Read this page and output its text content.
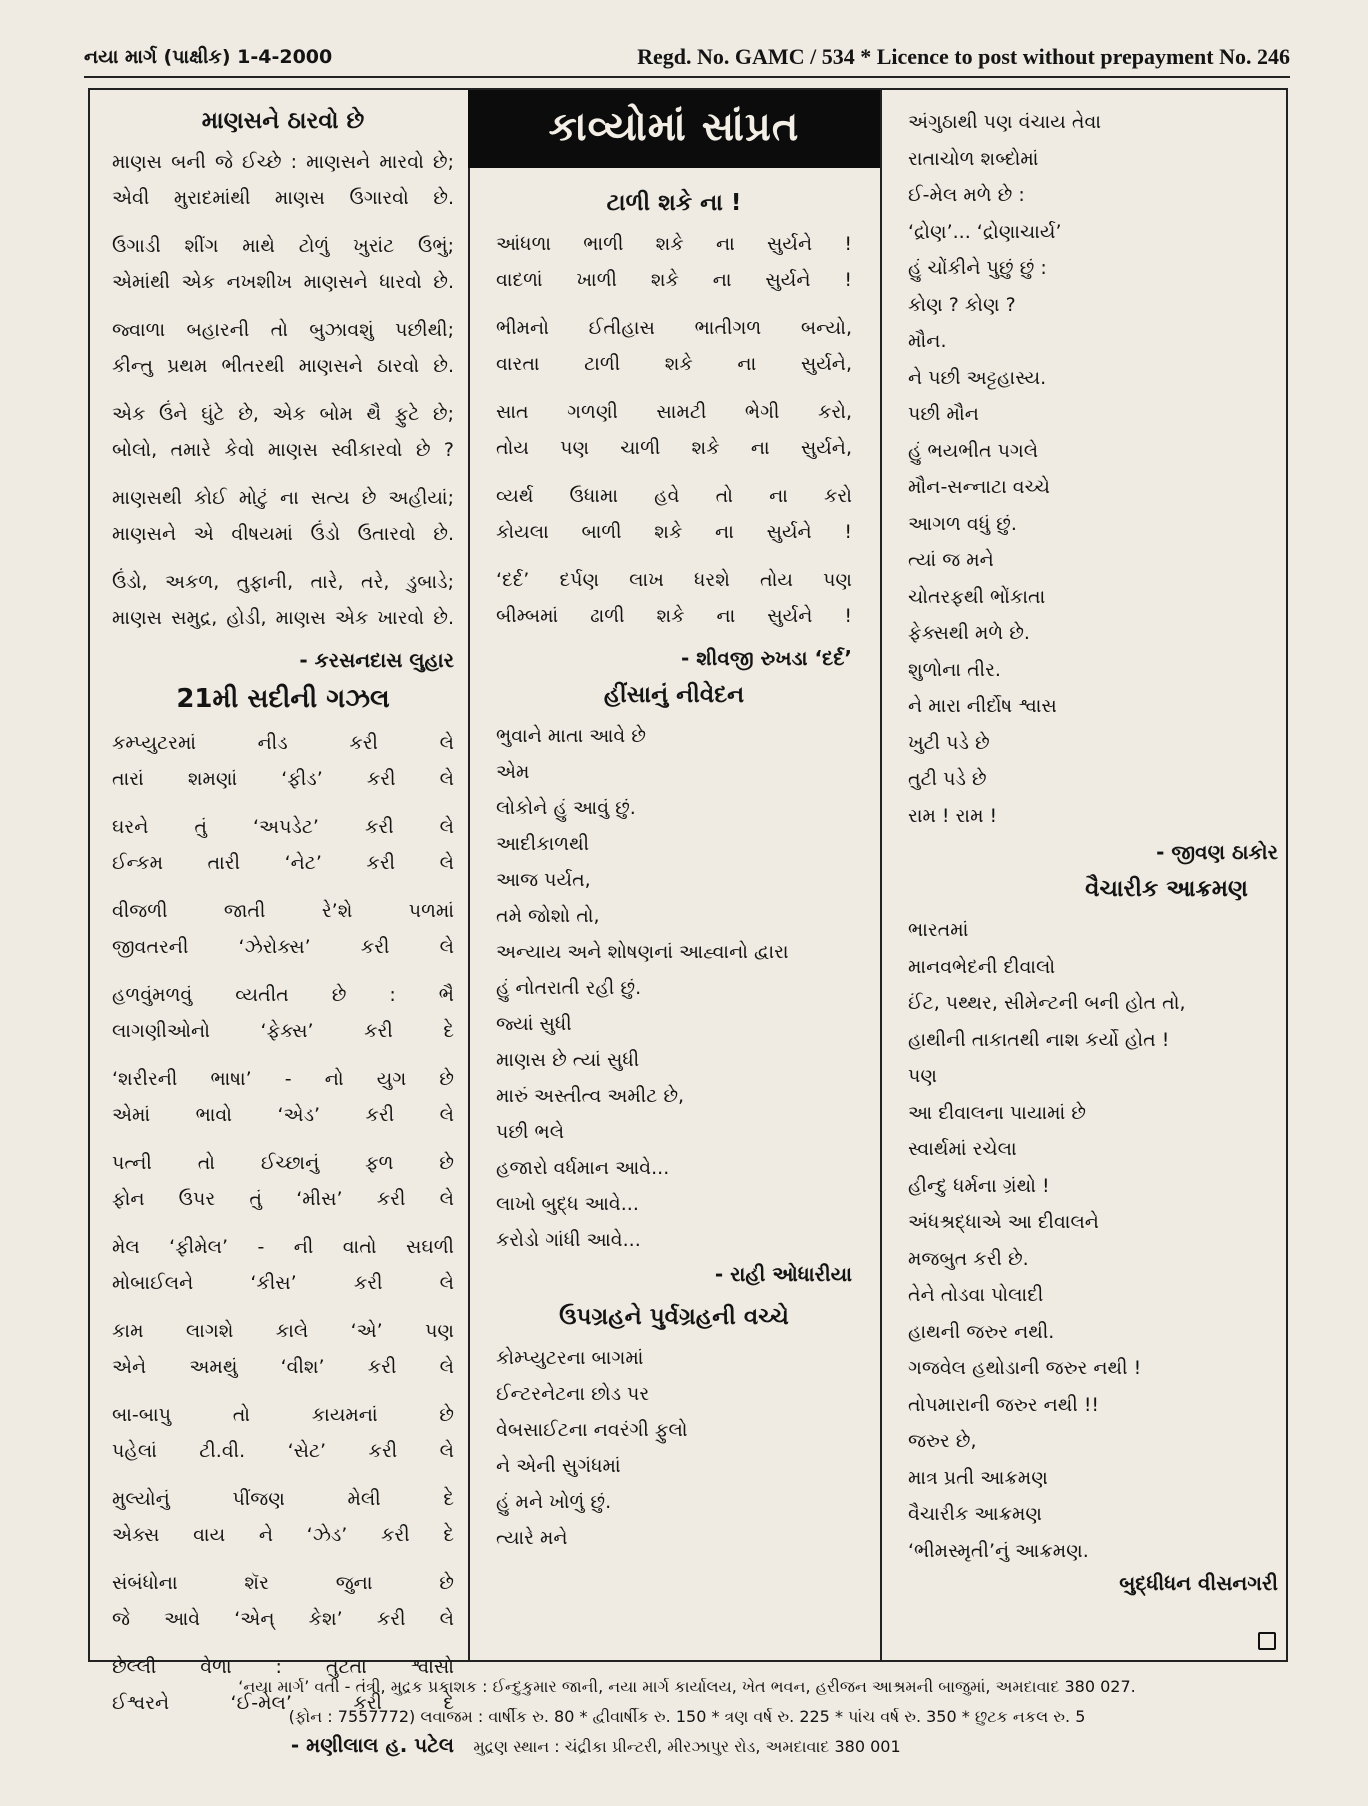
નયા માર્ગ (પાક્ષીક) 1-4-2000	Regd. No. GAMC / 534 * Licence to post without prepayment No. 246
માણસને ઠારવો છે
માણસ બની જે ઈચ્છે : માણસને મારવો છે;
એવી મુરાદમાંથી માણસ ઉગારવો છે.
ઉગાડી શીંગ માથે ટોળું ખુરાંટ ઉભું;
એમાંથી એક નખશીખ માણસને ધારવો છે.
જ્વાળા બહારની તો બુઝાવશું પછીથી;
કીન્તુ પ્રથમ ભીતરથી માણસને ઠારવો છે.
એક ઉંને ઘુંટે છે, એક બોમ થૈ ફુટે છે;
બોલો, તમારે કેવો માણસ સ્વીકારવો છે ?
માણસથી કોઈ મોટું ના સત્ય છે અહીયાં;
માણસને એ વીષયમાં ઉંડો ઉતારવો છે.
ઉંડો, અકળ, તુફાની, તારે, તરે, ડુબાડે;
માણસ સમુદ્ર, હોડી, માણસ એક ખારવો છે.
- કરસનદાસ લુહાર
21મી સદીની ગઝલ
કમ્પ્યુટરમાં નીડ કરી લે
તારાં શમણાં ‘ફીડ’ કરી લે
ઘરને તું ‘અપડેટ’ કરી લે
ઈન્કમ તારી ‘નેટ’ કરી લે
વીજળી જાતી રે’શે પળમાં
જીવતરની ‘ઝેરોક્સ’ કરી લે
હળવુંમળવું વ્યતીત છે : ભૈ
લાગણીઓનો ‘ફેક્સ’ કરી દે
‘શરીરની ભાષા’ - નો યુગ છે
એમાં ભાવો ‘એડ’ કરી લે
પત્ની તો ઈચ્છાનું ફળ છે
ફોન ઉપર તું ‘મીસ’ કરી લે
મેલ ‘ફીમેલ’ - ની વાતો સઘળી
મોબાઈલને ‘કીસ’ કરી લે
કામ લાગશે કાલે ‘એ’ પણ
એને અમથું ‘વીશ’ કરી લે
બા-બાપુ તો કાયમનાં છે
પહેલાં ટી.વી. ‘સેટ’ કરી લે
મુલ્યોનું પીંજણ મેલી દે
એક્સ વાય ને ‘ઝેડ’ કરી દે
સંબંધોના શૅર જુના છે
જે આવે ‘એન્ કેશ’ કરી લે
છેલ્લી વેળા : તુટતા શ્વાસો
ઈશ્વરને ‘ઈ-મેલ’ કરી દે
- મણીલાલ હ. પટેલ
કાવ્યોમાં સાંપ્રત
ટાળી શકે ના !
આંધળા ભાળી શકે ના સુર્યને !
વાદળાં ખાળી શકે ના સુર્યને !
ભીમનો ઈતીહાસ ભાતીગળ બન્યો,
વારતા ટાળી શકે ના સુર્યને,
સાત ગળણી સામટી ભેગી કરો,
તોય પણ ચાળી શકે ના સુર્યને,
વ્યર્થ ઉધામા હવે તો ના કરો
કોયલા બાળી શકે ના સુર્યને !
‘દર્દ’ દર્પણ લાખ ધરશે તોય પણ
બીમ્બમાં ઢાળી શકે ના સુર્યને !
- શીવજી રુખડા ‘દર્દ’
હીંસાનું નીવેદન
ભુવાને માતા આવે છે
એમ
લોકોને હું આવું છું.
આદીકાળથી
આજ પર્યત,
તમે જોશો તો,
અન્યાય અને શોષણનાં આહ્વાનો દ્વારા
હું નોતરાતી રહી છું.
જ્યાં સુધી
માણસ છે ત્યાં સુધી
મારું અસ્તીત્વ અમીટ છે,
પછી ભલે
હજારો વર્ધમાન આવે...
લાખો બુદ્ધ આવે...
કરોડો ગાંધી આવે...
- રાહી ઓધારીયા
ઉપગ્રહને પુર્વગ્રહની વચ્ચે
કોમ્પ્યુટરના બાગમાં
ઈન્ટરનેટના છોડ પર
વેબસાઈટના નવરંગી ફુલો
ને એની સુગંધમાં
હું મને ખોળું છું.
ત્યારે મને
અંગુઠાથી પણ વંચાય તેવા
રાતાચોળ શબ્દોમાં
ઈ-મેલ મળે છે :
‘દ્રોણ’... ‘દ્રોણાચાર્ય’
હું ચોંકીને પુછું છું :
કોણ ? કોણ ?
મૌન.
ને પછી અટ્ટહાસ્ય.
પછી મૌન
હું ભયભીત પગલે
મૌન-સન્નાટા વચ્ચે
આગળ વધું છું.
ત્યાં જ મને
ચોતરફથી ભોંકાતા
ફેક્સથી મળે છે.
શુળોના તીર.
ને મારા નીર્દોષ શ્વાસ
ખુટી પડે છે
તુટી પડે છે
રામ ! રામ !
- જીવણ ઠાકોર
વૈચારીક આક્રમણ
ભારતમાં
માનવભેદની દીવાલો
ઈંટ, પથ્થર, સીમેન્ટની બની હોત તો,
હાથીની તાકાતથી નાશ કર્યો હોત !
પણ
આ દીવાલના પાયામાં છે
સ્વાર્થમાં રચેલા
હીન્દુ ધર્મના ગ્રંથો !
અંધશ્રદ્ધાએ આ દીવાલને
મજબુત કરી છે.
તેને તોડવા પોલાદી
હાથની જરુર નથી.
ગજવેલ હથોડાની જરુર નથી !
તોપમારાની જરુર નથી !!
જરુર છે,
માત્ર પ્રતી આક્રમણ
વૈચારીક આક્રમણ
‘ભીમસ્મૃતી’નું આક્રમણ.
બુદ્ધીધન વીસનગરી
‘નયા માર્ગ’ વતી - તંત્રી, મુદ્રક પ્રકાશક : ઈન્દુકુમાર જાની, નયા માર્ગ કાર્યાલય, ખેત ભવન, હરીજન આશ્રમની બાજુમાં, અમદાવાદ 380 027.
(ફોન : 7557772) લવાજમ : વાર્ષીક રુ. 80 * દ્વીવાર્ષીક રુ. 150 * ત્રણ વર્ષ રુ. 225 * પાંચ વર્ષ રુ. 350 * છુટક નકલ રુ. 5
મુદ્રણ સ્થાન : ચંદ્રીકા પ્રીન્ટરી, મીરઝાપુર રોડ, અમદાવાદ 380 001
